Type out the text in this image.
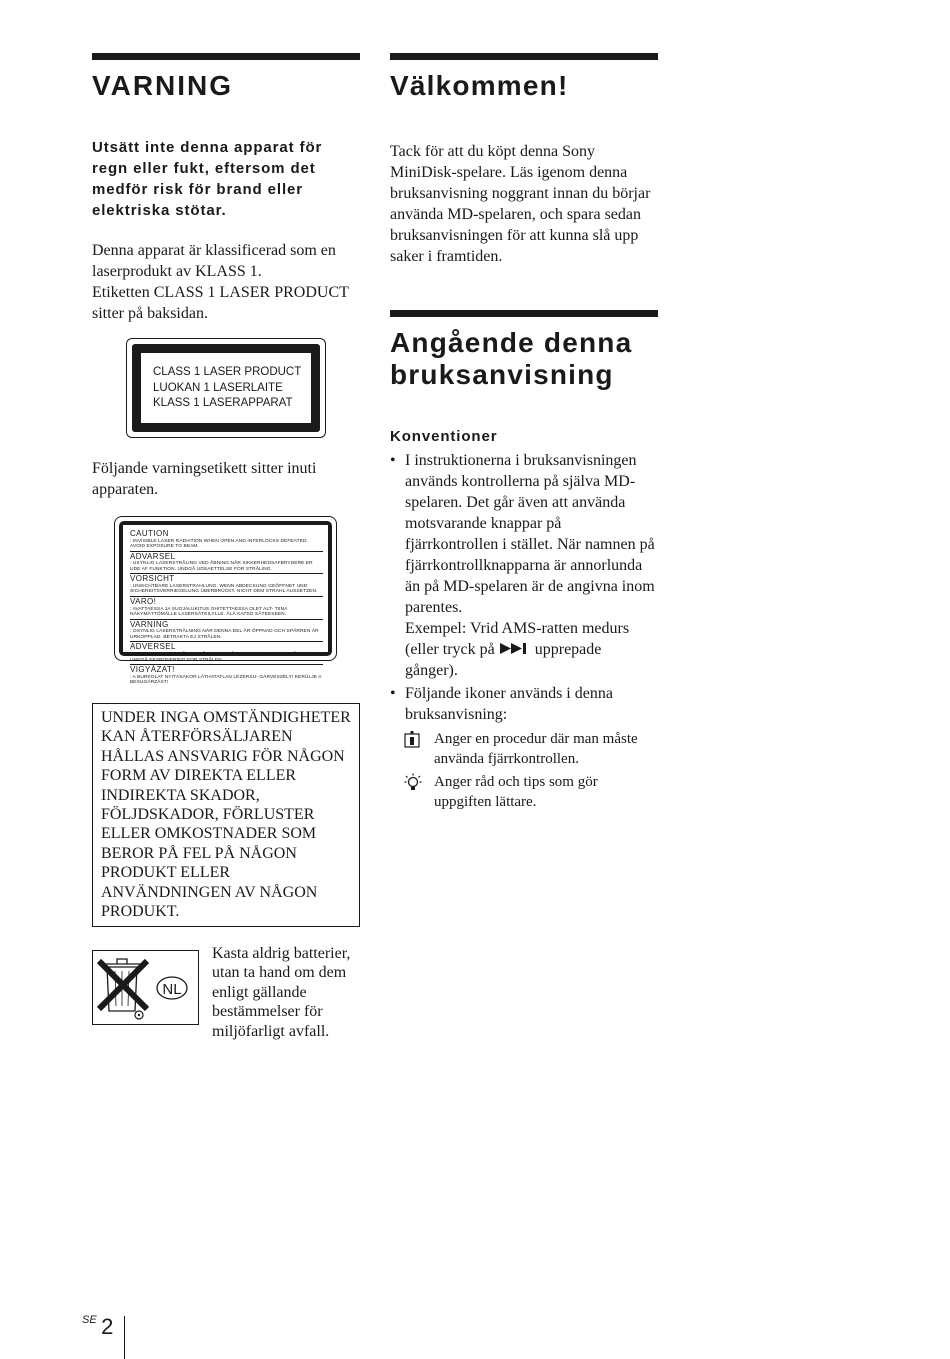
VARNING

Utsätt inte denna apparat för regn eller fukt, eftersom det medför risk för brand eller elektriska stötar.

Denna apparat är klassificerad som en laserprodukt av KLASS 1.
Etiketten CLASS 1 LASER PRODUCT sitter på baksidan.

CLASS 1 LASER PRODUCT
LUOKAN 1 LASERLAITE
KLASS 1 LASERAPPARAT

Följande varningsetikett sitter inuti apparaten.

CAUTION
: INVISIBLE LASER RADIATION WHEN OPEN AND INTERLOCKS DEFEATED. AVOID EXPOSURE TO BEAM.
ADVARSEL
: USYNLIG LASERSTRÅLING VED ÅBNING NÅR SIKKERHEDSAFBRYDERE ER UDE AF FUNKTION. UNDGÅ UDSAETTELSE FOR STRÅLING.
VORSICHT
: UNSICHTBARE LASERSTRAHLUNG, WENN ABDECKUNG GEÖFFNET UND SICHEREITSVERRIEGELUNG ÜBERBRÜCKT. NICHT DEM STRAHL AUSSETZEN.
VARO!
: AVATTAESSA JA SUOJALUKITUS OHITETTAESSA OLET ALT- TIINA NÄKYMÄTTÖMÄLLE LASERSÄTEILYLLE. ÄLÄ KATSO SÄTEESEEN.
VARNING
: OSYNLIG LASERSTRÅLNING NÄR DENNA DEL ÄR ÖPPNAD OCH SPÄRREN ÄR URKOPPLAD. BETRAKTA EJ STRÅLEN.
ADVERSEL
: USYNLIG LASERSTRÅLING NÅR DEKSEL ÅPNES OG SIKKERHEDSLÅS BRYTES. UNNGÅ EKSPONERING FOR STRÅLEN.
VIGYÁZAT!
: A BURKOLAT NYITÁSAKOR LÁTHATATLAN LÉZERSU- GÁRVESZÉLY! KERÜLJE A BESUGÁRZÁST!
UNDER INGA OMSTÄNDIGHETER KAN ÅTERFÖRSÄLJAREN HÅLLAS ANSVARIG FÖR NÅGON FORM AV DIREKTA ELLER INDIREKTA SKADOR, FÖLJDSKADOR, FÖRLUSTER ELLER OMKOSTNADER SOM BEROR PÅ FEL PÅ NÅGON PRODUKT ELLER ANVÄNDNINGEN AV NÅGON PRODUKT.
NL
Kasta aldrig batterier, utan ta hand om dem enligt gällande bestämmelser för miljöfarligt avfall.
Välkommen!

Tack för att du köpt denna Sony MiniDisk-spelare. Läs igenom denna bruksanvisning noggrant innan du börjar använda MD-spelaren, och spara sedan bruksanvisningen för att kunna slå upp saker i framtiden.

Angående denna
bruksanvisning
Konventioner
• I instruktionerna i bruksanvisningen används kontrollerna på själva MD-spelaren. Det går även att använda motsvarande knappar på fjärrkontrollen i stället. När namnen på fjärrkontrollknapparna är annorlunda än på MD-spelaren är de angivna inom parentes.
Exempel: Vrid AMS-ratten medurs (eller tryck på	upprepade gånger).
• Följande ikoner används i denna bruksanvisning:
Anger en procedur där man måste använda fjärrkontrollen.
Anger råd och tips som gör uppgiften lättare.
$^{SE}$ 2
